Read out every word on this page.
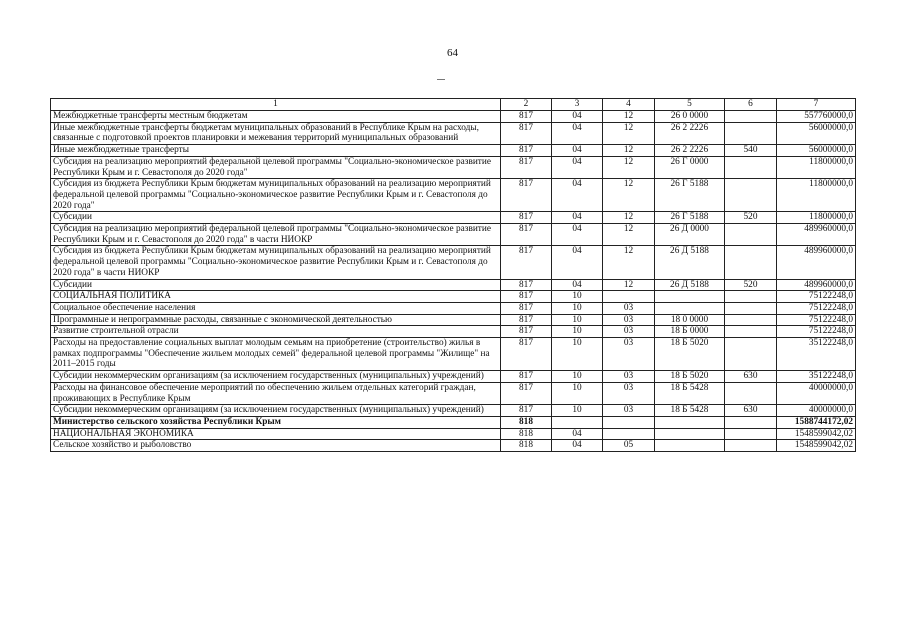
64
1	2	3	4	5	6	7
Межбюджетные трансферты местным бюджетам	817	04	12	26 0 0000		557760000,0
Иные межбюджетные трансферты бюджетам муниципальных образований в Республике Крым на расходы, связанные с подготовкой проектов планировки и межевания территорий муниципальных образований	817	04	12	26 2 2226		56000000,0
Иные межбюджетные трансферты	817	04	12	26 2 2226	540	56000000,0
Субсидия на реализацию мероприятий федеральной целевой программы "Социально-экономическое развитие Республики Крым и г. Севастополя до 2020 года"	817	04	12	26 Г 0000		11800000,0
Субсидия из бюджета Республики Крым бюджетам муниципальных образований на реализацию мероприятий федеральной целевой программы "Социально-экономическое развитие Республики Крым и г. Севастополя до 2020 года"	817	04	12	26 Г 5188		11800000,0
Субсидии	817	04	12	26 Г 5188	520	11800000,0
Субсидия на реализацию мероприятий федеральной целевой программы "Социально-экономическое развитие Республики Крым и г. Севастополя до 2020 года" в части НИОКР	817	04	12	26 Д 0000		489960000,0
Субсидия из бюджета Республики Крым бюджетам муниципальных образований на реализацию мероприятий федеральной целевой программы "Социально-экономическое развитие Республики Крым и г. Севастополя до 2020 года" в части НИОКР	817	04	12	26 Д 5188		489960000,0
Субсидии	817	04	12	26 Д 5188	520	489960000,0
СОЦИАЛЬНАЯ ПОЛИТИКА	817	10				75122248,0
Социальное обеспечение населения	817	10	03			75122248,0
Программные и непрограммные расходы, связанные с экономической деятельностью	817	10	03	18 0 0000		75122248,0
Развитие строительной отрасли	817	10	03	18 Б 0000		75122248,0
Расходы на предоставление социальных выплат молодым семьям на приобретение (строительство) жилья в рамках подпрограммы "Обеспечение жильем молодых семей" федеральной целевой программы "Жилище" на 2011–2015 годы	817	10	03	18 Б 5020		35122248,0
Субсидии некоммерческим организациям (за исключением государственных (муниципальных) учреждений)	817	10	03	18 Б 5020	630	35122248,0
Расходы на финансовое обеспечение мероприятий по обеспечению жильем отдельных категорий граждан, проживающих в Республике Крым	817	10	03	18 Б 5428		40000000,0
Субсидии некоммерческим организациям (за исключением государственных (муниципальных) учреждений)	817	10	03	18 Б 5428	630	40000000,0
Министерство сельского хозяйства Республики Крым	818					1588744172,02
НАЦИОНАЛЬНАЯ ЭКОНОМИКА	818	04				1548599042,02
Сельское хозяйство и рыболовство	818	04	05			1548599042,02
